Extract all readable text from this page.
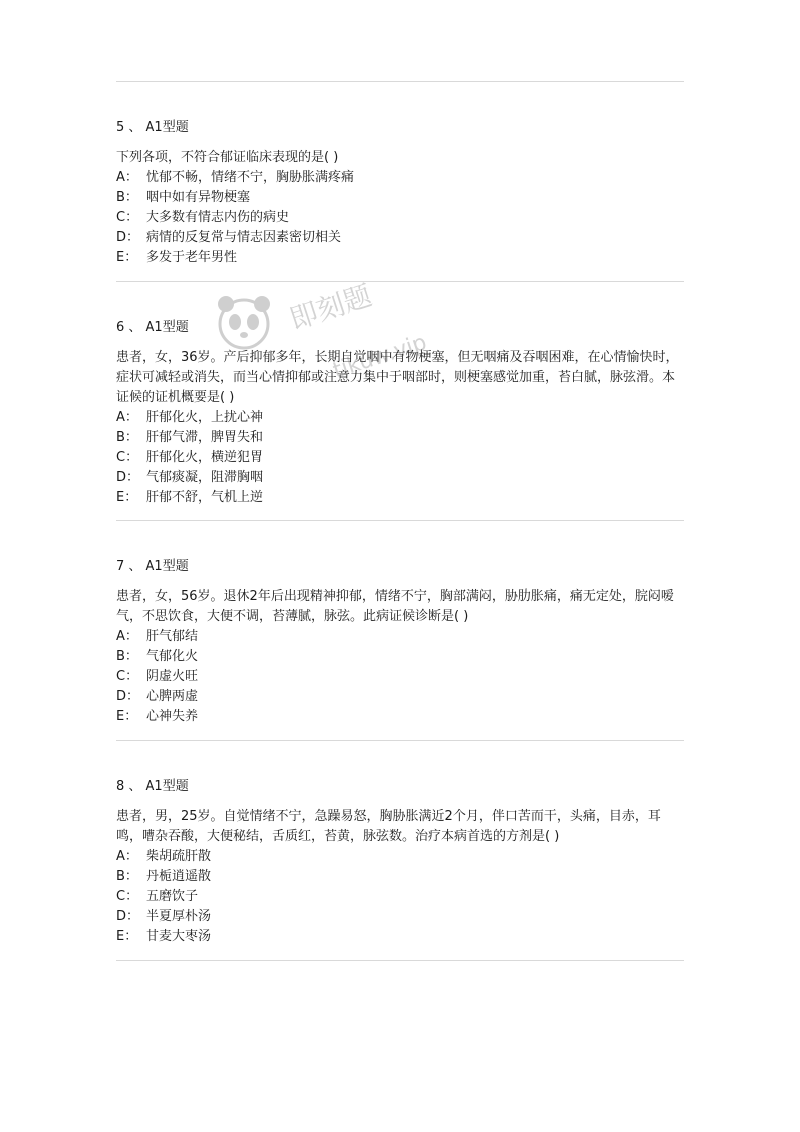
5 、 A1型题
下列各项，不符合郁证临床表现的是( )
A： 忧郁不畅，情绪不宁，胸胁胀满疼痛
B： 咽中如有异物梗塞
C： 大多数有情志内伤的病史
D： 病情的反复常与情志因素密切相关
E： 多发于老年男性
6 、 A1型题
患者，女，36岁。产后抑郁多年，长期自觉咽中有物梗塞，但无咽痛及吞咽困难，在心情愉快时，症状可减轻或消失，而当心情抑郁或注意力集中于咽部时，则梗塞感觉加重，苔白腻，脉弦滑。本证候的证机概要是( )
A： 肝郁化火，上扰心神
B： 肝郁气滞，脾胃失和
C： 肝郁化火，横逆犯胃
D： 气郁痰凝，阻滞胸咽
E： 肝郁不舒，气机上逆
7 、 A1型题
患者，女，56岁。退休2年后出现精神抑郁，情绪不宁，胸部满闷，胁肋胀痛，痛无定处，脘闷嗳气，不思饮食，大便不调，苔薄腻，脉弦。此病证候诊断是( )
A： 肝气郁结
B： 气郁化火
C： 阴虚火旺
D： 心脾两虚
E： 心神失养
8 、 A1型题
患者，男，25岁。自觉情绪不宁，急躁易怒，胸胁胀满近2个月，伴口苦而干，头痛，目赤，耳鸣，嘈杂吞酸，大便秘结，舌质红，苔黄，脉弦数。治疗本病首选的方剂是( )
A： 柴胡疏肝散
B： 丹栀逍遥散
C： 五磨饮子
D： 半夏厚朴汤
E： 甘麦大枣汤
即刻题
tikuw.vip
